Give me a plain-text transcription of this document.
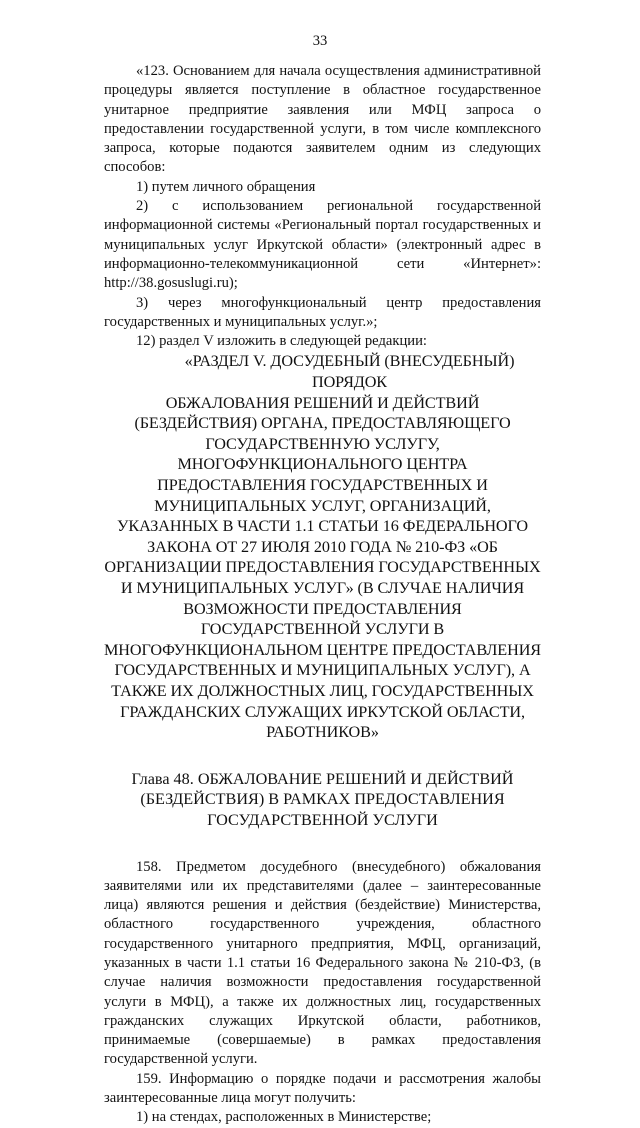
33

«123. Основанием для начала осуществления административной процедуры является поступление в областное государственное унитарное предприятие заявления или МФЦ запроса о предоставлении государственной услуги, в том числе комплексного запроса, которые подаются заявителем одним из следующих способов:

1) путем личного обращения

2) с использованием региональной государственной информационной системы «Региональный портал государственных и муниципальных услуг Иркутской области» (электронный адрес в информационно-телекоммуникационной сети «Интернет»: http://38.gosuslugi.ru);

3) через многофункциональный центр предоставления государственных и муниципальных услуг.»;

12) раздел V изложить в следующей редакции:

«РАЗДЕЛ V. ДОСУДЕБНЫЙ (ВНЕСУДЕБНЫЙ) ПОРЯДОК
ОБЖАЛОВАНИЯ РЕШЕНИЙ И ДЕЙСТВИЙ (БЕЗДЕЙСТВИЯ) ОРГАНА, ПРЕДОСТАВЛЯЮЩЕГО ГОСУДАРСТВЕННУЮ УСЛУГУ, МНОГОФУНКЦИОНАЛЬНОГО ЦЕНТРА ПРЕДОСТАВЛЕНИЯ ГОСУДАРСТВЕННЫХ И МУНИЦИПАЛЬНЫХ УСЛУГ, ОРГАНИЗАЦИЙ, УКАЗАННЫХ В ЧАСТИ 1.1 СТАТЬИ 16 ФЕДЕРАЛЬНОГО ЗАКОНА ОТ 27 ИЮЛЯ 2010 ГОДА № 210-ФЗ «ОБ ОРГАНИЗАЦИИ ПРЕДОСТАВЛЕНИЯ ГОСУДАРСТВЕННЫХ И МУНИЦИПАЛЬНЫХ УСЛУГ» (В СЛУЧАЕ НАЛИЧИЯ ВОЗМОЖНОСТИ ПРЕДОСТАВЛЕНИЯ ГОСУДАРСТВЕННОЙ УСЛУГИ В МНОГОФУНКЦИОНАЛЬНОМ ЦЕНТРЕ ПРЕДОСТАВЛЕНИЯ ГОСУДАРСТВЕННЫХ И МУНИЦИПАЛЬНЫХ УСЛУГ), А ТАКЖЕ ИХ ДОЛЖНОСТНЫХ ЛИЦ, ГОСУДАРСТВЕННЫХ ГРАЖДАНСКИХ СЛУЖАЩИХ ИРКУТСКОЙ ОБЛАСТИ, РАБОТНИКОВ»
Глава 48. ОБЖАЛОВАНИЕ РЕШЕНИЙ И ДЕЙСТВИЙ (БЕЗДЕЙСТВИЯ) В РАМКАХ ПРЕДОСТАВЛЕНИЯ ГОСУДАРСТВЕННОЙ УСЛУГИ

158. Предметом досудебного (внесудебного) обжалования заявителями или их представителями (далее – заинтересованные лица) являются решения и действия (бездействие) Министерства, областного государственного учреждения, областного государственного унитарного предприятия, МФЦ, организаций, указанных в части 1.1 статьи 16 Федерального закона № 210-ФЗ, (в случае наличия возможности предоставления государственной услуги в МФЦ), а также их должностных лиц, государственных гражданских служащих Иркутской области, работников, принимаемые (совершаемые) в рамках предоставления государственной услуги.

159. Информацию о порядке подачи и рассмотрения жалобы заинтересованные лица могут получить:

1) на стендах, расположенных в Министерстве;
